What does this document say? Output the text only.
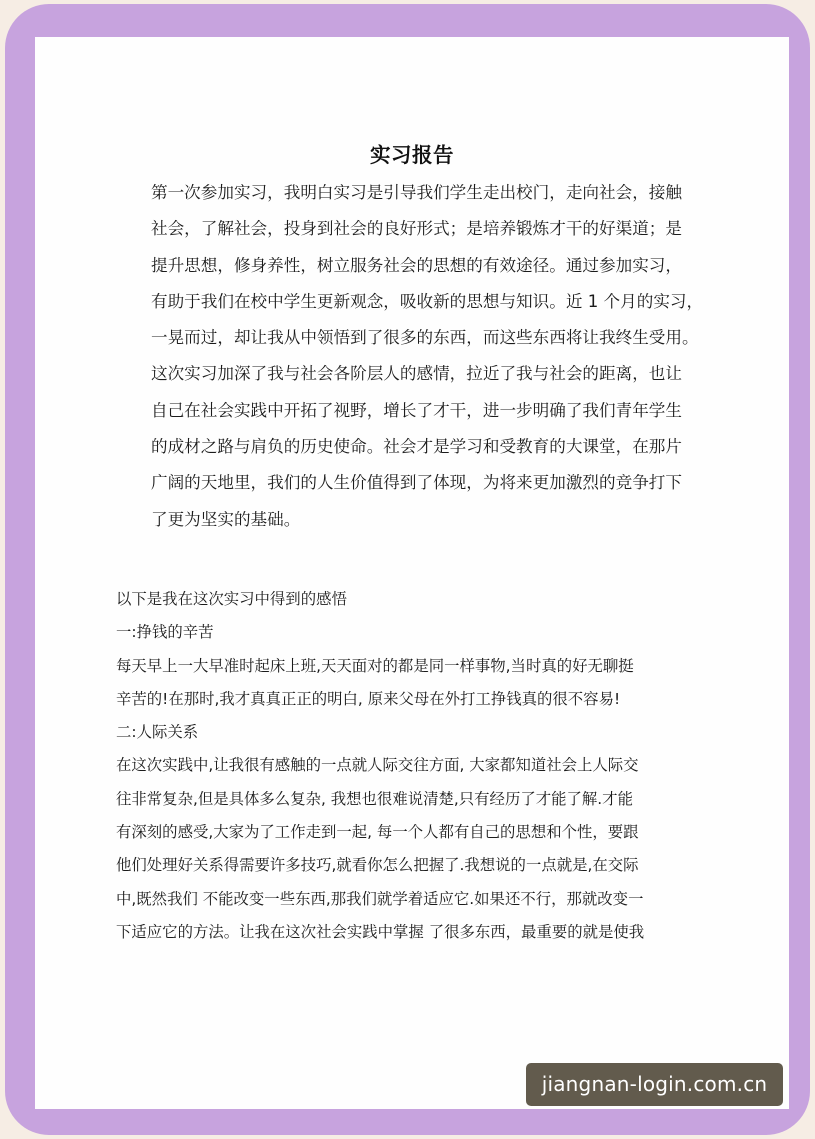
实习报告
第一次参加实习，我明白实习是引导我们学生走出校门，走向社会，接触
社会，了解社会，投身到社会的良好形式；是培养锻炼才干的好渠道；是
提升思想，修身养性，树立服务社会的思想的有效途径。通过参加实习，
有助于我们在校中学生更新观念，吸收新的思想与知识。近 1 个月的实习，
一晃而过，却让我从中领悟到了很多的东西，而这些东西将让我终生受用。
这次实习加深了我与社会各阶层人的感情，拉近了我与社会的距离，也让
自己在社会实践中开拓了视野，增长了才干，进一步明确了我们青年学生
的成材之路与肩负的历史使命。社会才是学习和受教育的大课堂，在那片
广阔的天地里，我们的人生价值得到了体现，为将来更加激烈的竞争打下
了更为坚实的基础。
以下是我在这次实习中得到的感悟
一:挣钱的辛苦
每天早上一大早准时起床上班,天天面对的都是同一样事物,当时真的好无聊挺
辛苦的!在那时,我才真真正正的明白, 原来父母在外打工挣钱真的很不容易!
二:人际关系
在这次实践中,让我很有感触的一点就人际交往方面, 大家都知道社会上人际交
往非常复杂,但是具体多么复杂, 我想也很难说清楚,只有经历了才能了解.才能
有深刻的感受,大家为了工作走到一起, 每一个人都有自己的思想和个性，要跟
他们处理好关系得需要许多技巧,就看你怎么把握了.我想说的一点就是,在交际
中,既然我们 不能改变一些东西,那我们就学着适应它.如果还不行，那就改变一
下适应它的方法。让我在这次社会实践中掌握 了很多东西，最重要的就是使我
jiangnan-login.com.cn
